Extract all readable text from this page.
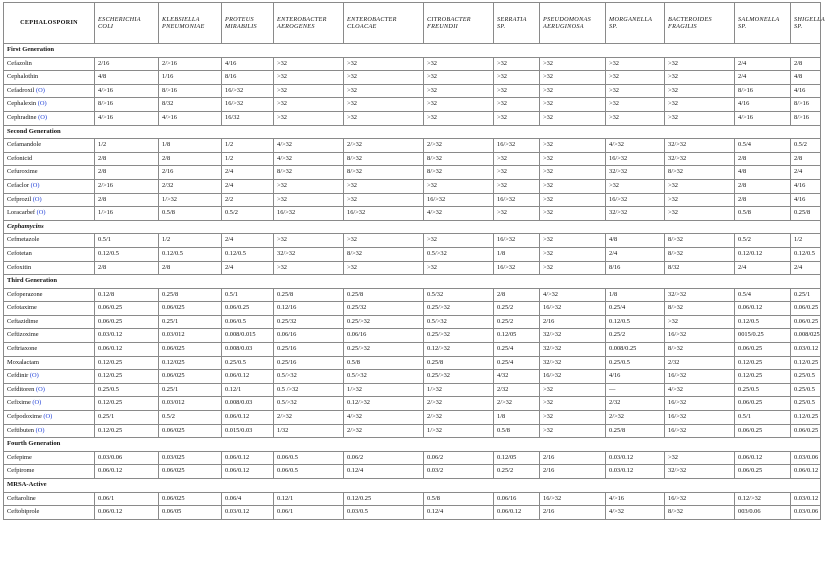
CEPHALOSPORIN	ESCHERICHIA COLI	KLEBSIELLA PNEUMONIAE	PROTEUS MIRABILIS	ENTEROBACTER AEROGENES	ENTEROBACTER CLOACAE	CITROBACTER FREUNDII	SERRATIA SP.	PSEUDOMONAS AERUGINOSA	MORGANELLA SP.	BACTEROIDES FRAGILIS	SALMONELLA SP.	SHIGELLA SP.
First Generation												
Cefazolin	2/16	2/>16	4/16	>32	>32	>32	>32	>32	>32	>32	2/4	2/8
Cephalothin	4/8	1/16	8/16	>32	>32	>32	>32	>32	>32	>32	2/4	4/8
Cefadroxil (O)	4/>16	8/>16	16/>32	>32	>32	>32	>32	>32	>32	>32	8/>16	4/16
Cephalexin (O)	8/>16	8/32	16/>32	>32	>32	>32	>32	>32	>32	>32	4/16	8/>16
Cephradine (O)	4/>16	4/>16	16/32	>32	>32	>32	>32	>32	>32	>32	4/>16	8/>16
Second Generation												
Cefamandole	1/2	1/8	1/2	4/>32	2/>32	2/>32	16/>32	>32	4/>32	32/>32	0.5/4	0.5/2
Cefonicid	2/8	2/8	1/2	4/>32	8/>32	8/>32	>32	>32	16/>32	32/>32	2/8	2/8
Cefuroxime	2/8	2/16	2/4	8/>32	8/>32	8/>32	>32	>32	32/>32	8/>32	4/8	2/4
Cefaclor (O)	2/>16	2/32	2/4	>32	>32	>32	>32	>32	>32	>32	2/8	4/16
Cefprozil (O)	2/8	1/>32	2/2	>32	>32	16/>32	16/>32	>32	16/>32	>32	2/8	4/16
Loracarbef (O)	1/>16	0.5/8	0.5/2	16/>32	16/>32	4/>32	>32	>32	32/>32	>32	0.5/8	0.25/8
Cephamycins												
Cefmetazole	0.5/1	1/2	2/4	>32	>32	>32	16/>32	>32	4/8	8/>32	0.5/2	1/2
Cefotetan	0.12/0.5	0.12/0.5	0.12/0.5	32/>32	8/>32	0.5/>32	1/8	>32	2/4	8/>32	0.12/0.12	0.12/0.5
Cefoxitin	2/8	2/8	2/4	>32	>32	>32	16/>32	>32	8/16	8/32	2/4	2/4
Third Generation												
Cefoperazone	0.12/8	0.25/8	0.5/1	0.25/8	0.25/8	0.5/32	2/8	4/>32	1/8	32/>32	0.5/4	0.25/1
Cefotaxime	0.06/0.25	0.06/025	0.06/0.25	0.12/16	0.25/32	0.25/>32	0.25/2	16/>32	0.25/4	8/>32	0.06/0.12	0.06/0.25
Ceftazidime	0.06/0.25	0.25/1	0.06/0.5	0.25/32	0.25/>32	0.5/>32	0.25/2	2/16	0.12/0.5	>32	0.12/0.5	0.06/0.25
Ceftizoxime	0.03/0.12	0.03/012	0.008/0.015	0.06/16	0.06/16	0.25/>32	0.12/05	32/>32	0.25/2	16/>32	0015/0.25	0.008/025
Ceftriaxone	0.06/0.12	0.06/025	0.008/0.03	0.25/16	0.25/>32	0.12/>32	0.25/4	32/>32	0.008/0.25	8/>32	0.06/0.25	0.03/0.12
Moxalactam	0.12/0.25	0.12/025	0.25/0.5	0.25/16	0.5/8	0.25/8	0.25/4	32/>32	0.25/0.5	2/32	0.12/0.25	0.12/0.25
Cefdinir (O)	0.12/0.25	0.06/025	0.06/0.12	0.5/>32	0.5/>32	0.25/>32	4/32	16/>32	4/16	16/>32	0.12/0.25	0.25/0.5
Cefditoren (O)	0.25/0.5	0.25/1	0.12/1	0.5 />32	1/>32	1/>32	2/32	>32	—	4/>32	0.25/0.5	0.25/0.5
Cefixime (O)	0.12/0.25	0.03/012	0.008/0.03	0.5/>32	0.12/>32	2/>32	2/>32	>32	2/32	16/>32	0.06/0.25	0.25/0.5
Cefpodoxime (O)	0.25/1	0.5/2	0.06/0.12	2/>32	4/>32	2/>32	1/8	>32	2/>32	16/>32	0.5/1	0.12/0.25
Ceftibuten (O)	0.12/0.25	0.06/025	0.015/0.03	1/32	2/>32	1/>32	0.5/8	>32	0.25/8	16/>32	0.06/0.25	0.06/0.25
Fourth Generation												
Cefepime	0.03/0.06	0.03/025	0.06/0.12	0.06/0.5	0.06/2	0.06/2	0.12/05	2/16	0.03/0.12	>32	0.06/0.12	0.03/0.06
Cefpirome	0.06/0.12	0.06/025	0.06/0.12	0.06/0.5	0.12/4	0.03/2	0.25/2	2/16	0.03/0.12	32/>32	0.06/0.25	0.06/0.12
MRSA-Active												
Ceftaroline	0.06/1	0.06/025	0.06/4	0.12/1	0.12/0.25	0.5/8	0.06/16	16/>32	4/>16	16/>32	0.12/>32	0.03/0.12
Ceftobiprole	0.06/0.12	0.06/05	0.03/0.12	0.06/1	0.03/0.5	0.12/4	0.06/0.12	2/16	4/>32	8/>32	003/0.06	0.03/0.06
